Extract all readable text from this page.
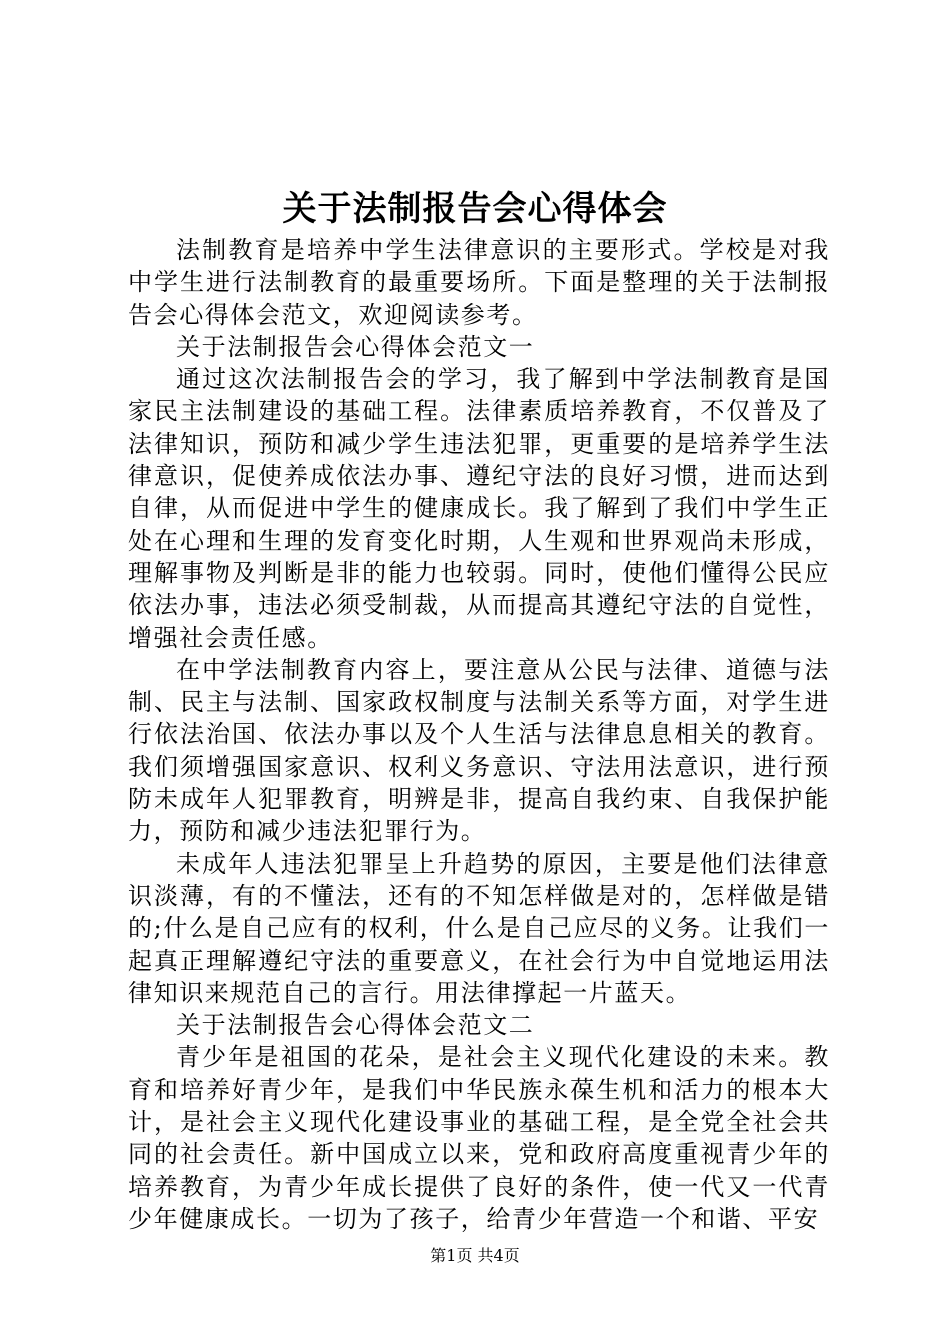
关于法制报告会心得体会

法制教育是培养中学生法律意识的主要形式。学校是对我中学生进行法制教育的最重要场所。下面是整理的关于法制报告会心得体会范文，欢迎阅读参考。

关于法制报告会心得体会范文一

通过这次法制报告会的学习，我了解到中学法制教育是国家民主法制建设的基础工程。法律素质培养教育，不仅普及了法律知识，预防和减少学生违法犯罪，更重要的是培养学生法律意识，促使养成依法办事、遵纪守法的良好习惯，进而达到自律，从而促进中学生的健康成长。我了解到了我们中学生正处在心理和生理的发育变化时期，人生观和世界观尚未形成，理解事物及判断是非的能力也较弱。同时，使他们懂得公民应依法办事，违法必须受制裁，从而提高其遵纪守法的自觉性，增强社会责任感。

在中学法制教育内容上，要注意从公民与法律、道德与法制、民主与法制、国家政权制度与法制关系等方面，对学生进行依法治国、依法办事以及个人生活与法律息息相关的教育。我们须增强国家意识、权利义务意识、守法用法意识，进行预防未成年人犯罪教育，明辨是非，提高自我约束、自我保护能力，预防和减少违法犯罪行为。

未成年人违法犯罪呈上升趋势的原因，主要是他们法律意识淡薄，有的不懂法，还有的不知怎样做是对的，怎样做是错的;什么是自己应有的权利，什么是自己应尽的义务。让我们一起真正理解遵纪守法的重要意义，在社会行为中自觉地运用法律知识来规范自己的言行。用法律撑起一片蓝天。

关于法制报告会心得体会范文二

青少年是祖国的花朵，是社会主义现代化建设的未来。教育和培养好青少年，是我们中华民族永葆生机和活力的根本大计，是社会主义现代化建设事业的基础工程，是全党全社会共同的社会责任。新中国成立以来，党和政府高度重视青少年的培养教育，为青少年成长提供了良好的条件，使一代又一代青少年健康成长。一切为了孩子，给青少年营造一个和谐、平安

第1页 共4页
